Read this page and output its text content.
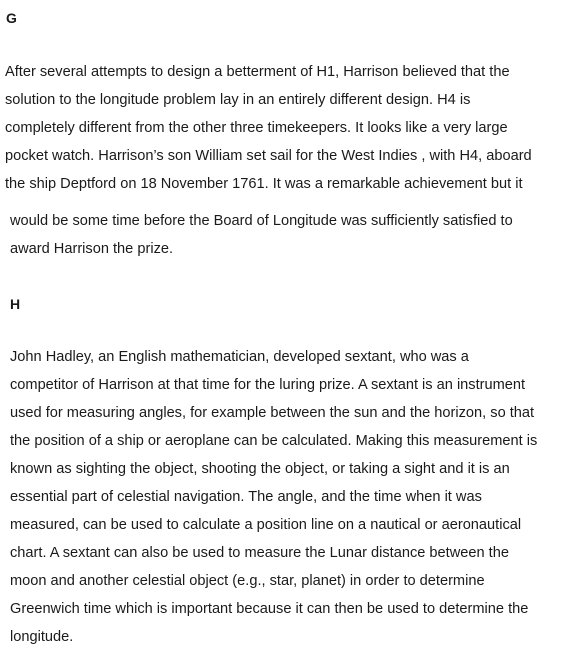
G
After several attempts to design a betterment of H1, Harrison believed that the
solution to the longitude problem lay in an entirely different design. H4 is
completely different from the other three timekeepers. It looks like a very large
pocket watch. Harrison’s son William set sail for the West Indies , with H4, aboard
the ship Deptford on 18 November 1761. It was a remarkable achievement but it
would be some time before the Board of Longitude was sufficiently satisfied to
award Harrison the prize.
H
John Hadley, an English mathematician, developed sextant, who was a
competitor of Harrison at that time for the luring prize. A sextant is an instrument
used for measuring angles, for example between the sun and the horizon, so that
the position of a ship or aeroplane can be calculated. Making this measurement is
known as sighting the object, shooting the object, or taking a sight and it is an
essential part of celestial navigation. The angle, and the time when it was
measured, can be used to calculate a position line on a nautical or aeronautical
chart. A sextant can also be used to measure the Lunar distance between the
moon and another celestial object (e.g., star, planet) in order to determine
Greenwich time which is important because it can then be used to determine the
longitude.
